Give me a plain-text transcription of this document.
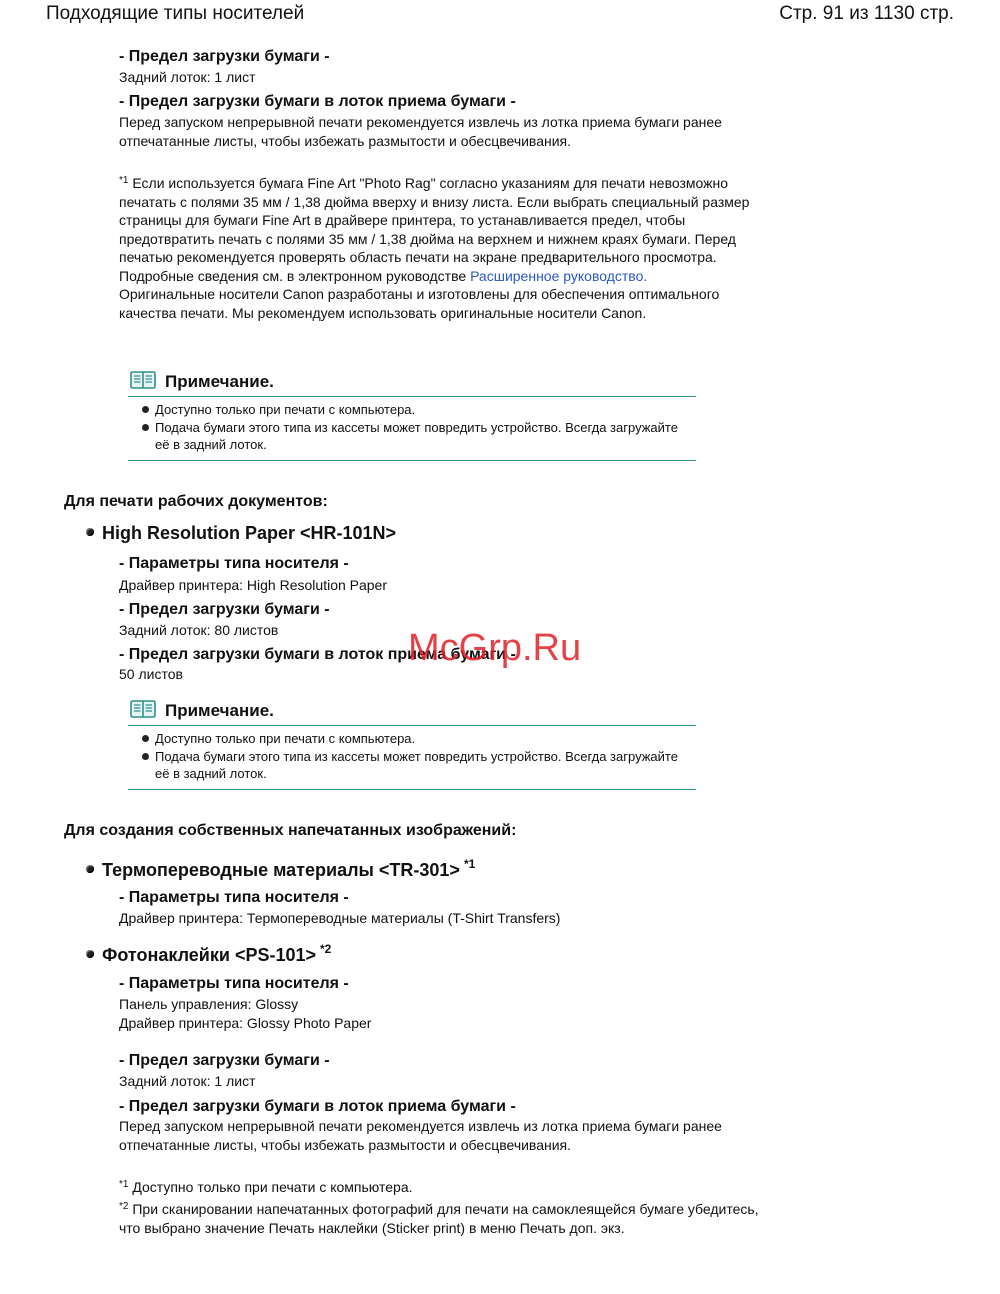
Подходящие типы носителей	Стр. 91 из 1130 стр.
- Предел загрузки бумаги -
Задний лоток: 1 лист
- Предел загрузки бумаги в лоток приема бумаги -
Перед запуском непрерывной печати рекомендуется извлечь из лотка приема бумаги ранее отпечатанные листы, чтобы избежать размытости и обесцвечивания.
$^{*1}$ Если используется бумага Fine Art "Photo Rag" согласно указаниям для печати невозможно печатать с полями 35 мм / 1,38 дюйма вверху и внизу листа. Если выбрать специальный размер страницы для бумаги Fine Art в драйвере принтера, то устанавливается предел, чтобы предотвратить печать с полями 35 мм / 1,38 дюйма на верхнем и нижнем краях бумаги. Перед печатью рекомендуется проверять область печати на экране предварительного просмотра.
Подробные сведения см. в электронном руководстве Расширенное руководство.
Оригинальные носители Canon разработаны и изготовлены для обеспечения оптимального качества печати. Мы рекомендуем использовать оригинальные носители Canon.
Примечание.
Доступно только при печати с компьютера.
Подача бумаги этого типа из кассеты может повредить устройство. Всегда загружайте её в задний лоток.
Для печати рабочих документов:
High Resolution Paper <HR-101N>
- Параметры типа носителя -
Драйвер принтера: High Resolution Paper
- Предел загрузки бумаги -
Задний лоток: 80 листов
- Предел загрузки бумаги в лоток приема бумаги -
50 листов
Примечание.
Доступно только при печати с компьютера.
Подача бумаги этого типа из кассеты может повредить устройство. Всегда загружайте её в задний лоток.
Для создания собственных напечатанных изображений:
Термопереводные материалы <TR-301> $^{*1}$
- Параметры типа носителя -
Драйвер принтера: Термопереводные материалы (T-Shirt Transfers)
Фотонаклейки <PS-101> $^{*2}$
- Параметры типа носителя -
Панель управления: Glossy
Драйвер принтера: Glossy Photo Paper
- Предел загрузки бумаги -
Задний лоток: 1 лист
- Предел загрузки бумаги в лоток приема бумаги -
Перед запуском непрерывной печати рекомендуется извлечь из лотка приема бумаги ранее отпечатанные листы, чтобы избежать размытости и обесцвечивания.
$^{*1}$ Доступно только при печати с компьютера.
$^{*2}$ При сканировании напечатанных фотографий для печати на самоклеящейся бумаге убедитесь, что выбрано значение Печать наклейки (Sticker print) в меню Печать доп. экз.
McGrp.Ru
